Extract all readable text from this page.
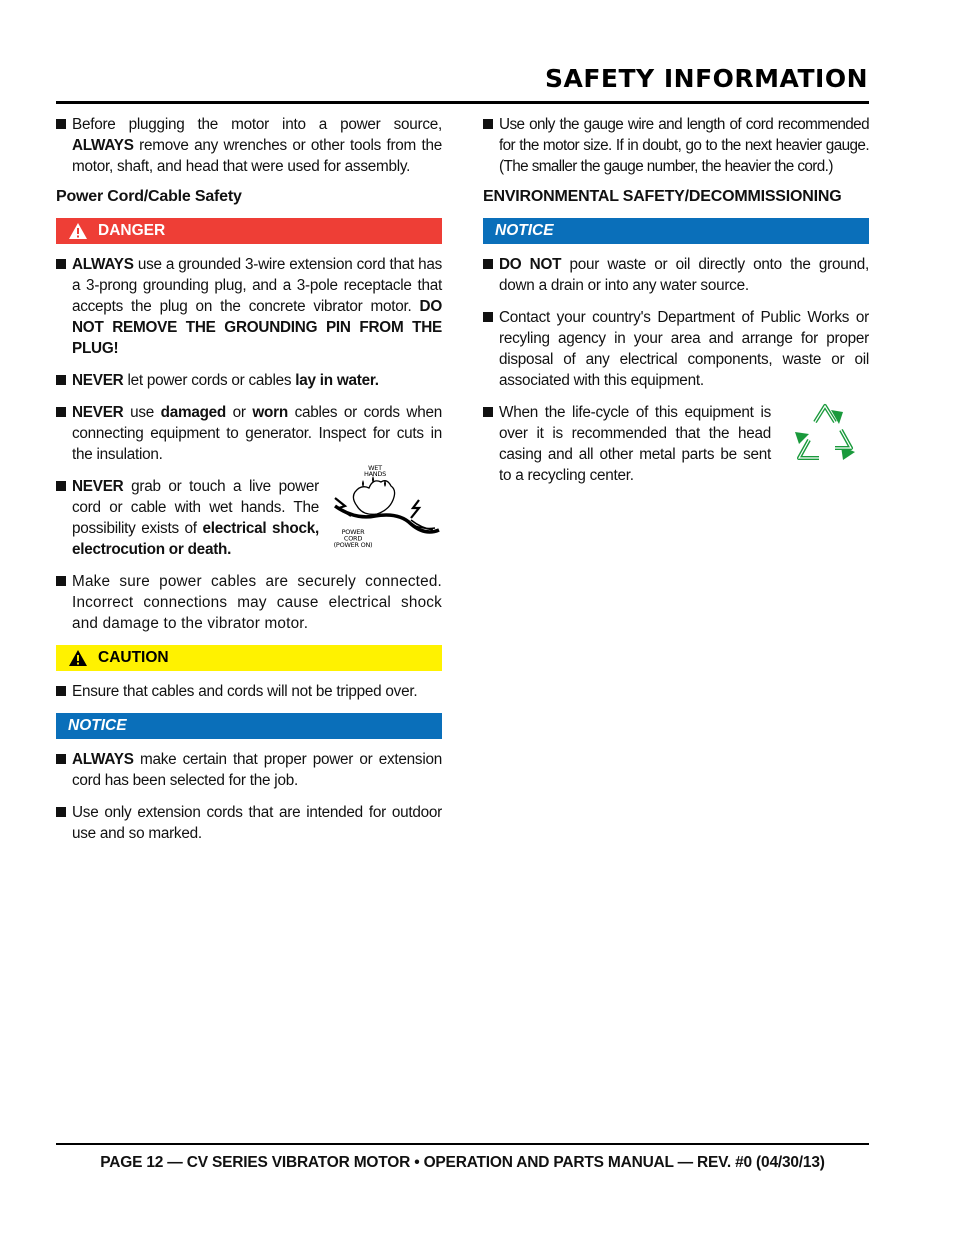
SAFETY INFORMATION
Before plugging the motor into a power source, ALWAYS remove any wrenches or other tools from the motor, shaft, and head that were used for assembly.
Power Cord/Cable Safety
DANGER
ALWAYS use a grounded 3-wire extension cord that has a 3-prong grounding plug, and a 3-pole receptacle that accepts the plug on the concrete vibrator motor. DO NOT REMOVE THE GROUNDING PIN FROM THE PLUG!
NEVER let power cords or cables lay in water.
NEVER use damaged or worn cables or cords when connecting equipment to generator. Inspect for cuts in the insulation.
NEVER grab or touch a live power cord or cable with wet hands. The possibility exists of electrical shock, electrocution or death.
WET HANDS
POWER CORD (POWER ON)
Make sure power cables are securely connected. Incorrect connections may cause electrical shock and damage to the vibrator motor.
CAUTION
Ensure that cables and cords will not be tripped over.
NOTICE
ALWAYS make certain that proper power or extension cord has been selected for the job.
Use only extension cords that are intended for outdoor use and so marked.
Use only the gauge wire and length of cord recommended for the motor size. If in doubt, go to the next heavier gauge. (The smaller the gauge number, the heavier the cord.)
ENVIRONMENTAL SAFETY/DECOMMISSIONING
NOTICE
DO NOT pour waste or oil directly onto the ground, down a drain or into any water source.
Contact your country's Department of Public Works or recyling agency in your area and arrange for proper disposal of any electrical components, waste or oil associated with this equipment.
When the life-cycle of this equipment is over it is recommended that the head casing and all other metal parts be sent to a recycling center.
PAGE 12 — CV SERIES VIBRATOR MOTOR • OPERATION AND PARTS MANUAL — REV. #0 (04/30/13)
